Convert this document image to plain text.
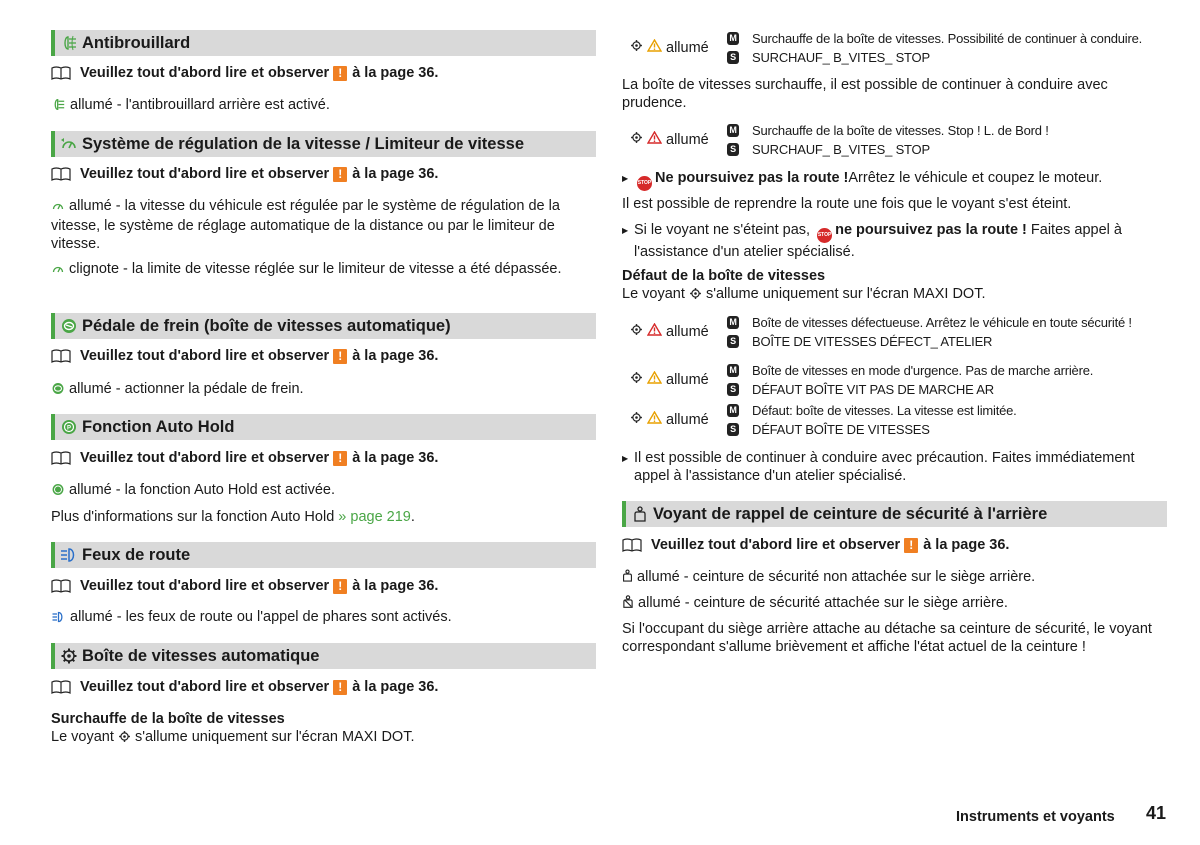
Antibrouillard
Veuillez tout d'abord lire et observer ! à la page 36.
allumé - l'antibrouillard arrière est activé.
Système de régulation de la vitesse / Limiteur de vitesse
Veuillez tout d'abord lire et observer ! à la page 36.
allumé - la vitesse du véhicule est régulée par le système de régulation de la vitesse, le système de réglage automatique de la distance ou par le limiteur de vitesse.
clignote - la limite de vitesse réglée sur le limiteur de vitesse a été dépassée.
Pédale de frein (boîte de vitesses automatique)
Veuillez tout d'abord lire et observer ! à la page 36.
allumé - actionner la pédale de frein.
P Fonction Auto Hold
Veuillez tout d'abord lire et observer ! à la page 36.
allumé - la fonction Auto Hold est activée.
Plus d'informations sur la fonction Auto Hold » page 219.
Feux de route
Veuillez tout d'abord lire et observer ! à la page 36.
allumé - les feux de route ou l'appel de phares sont activés.
Boîte de vitesses automatique
Veuillez tout d'abord lire et observer ! à la page 36.
Surchauffe de la boîte de vitesses
Le voyant s'allume uniquement sur l'écran MAXI DOT.
allumé
M Surchauffe de la boîte de vitesses. Possibilité de continuer à conduire.
S SURCHAUF_ B_VITES_ STOP
La boîte de vitesses surchauffe, il est possible de continuer à conduire avec prudence.
allumé
M Surchauffe de la boîte de vitesses. Stop ! L. de Bord !
S SURCHAUF_ B_VITES_ STOP
▶ STOP Ne poursuivez pas la route !Arrêtez le véhicule et coupez le moteur.
Il est possible de reprendre la route une fois que le voyant s'est éteint.
▶ Si le voyant ne s'éteint pas, STOP ne poursuivez pas la route ! Faites appel à l'assistance d'un atelier spécialisé.
Défaut de la boîte de vitesses
Le voyant s'allume uniquement sur l'écran MAXI DOT.
allumé
M Boîte de vitesses défectueuse. Arrêtez le véhicule en toute sécurité !
S BOÎTE DE VITESSES DÉFECT_ ATELIER
allumé
M Boîte de vitesses en mode d'urgence. Pas de marche arrière.
S DÉFAUT BOÎTE VIT PAS DE MARCHE AR
allumé
M Défaut: boîte de vitesses. La vitesse est limitée.
S DÉFAUT BOÎTE DE VITESSES
▶ Il est possible de continuer à conduire avec précaution. Faites immédiatement appel à l'assistance d'un atelier spécialisé.
Voyant de rappel de ceinture de sécurité à l'arrière
Veuillez tout d'abord lire et observer ! à la page 36.
allumé - ceinture de sécurité non attachée sur le siège arrière.
allumé - ceinture de sécurité attachée sur le siège arrière.
Si l'occupant du siège arrière attache au détache sa ceinture de sécurité, le voyant correspondant s'allume brièvement et affiche l'état actuel de la ceinture !
Instruments et voyants 41
